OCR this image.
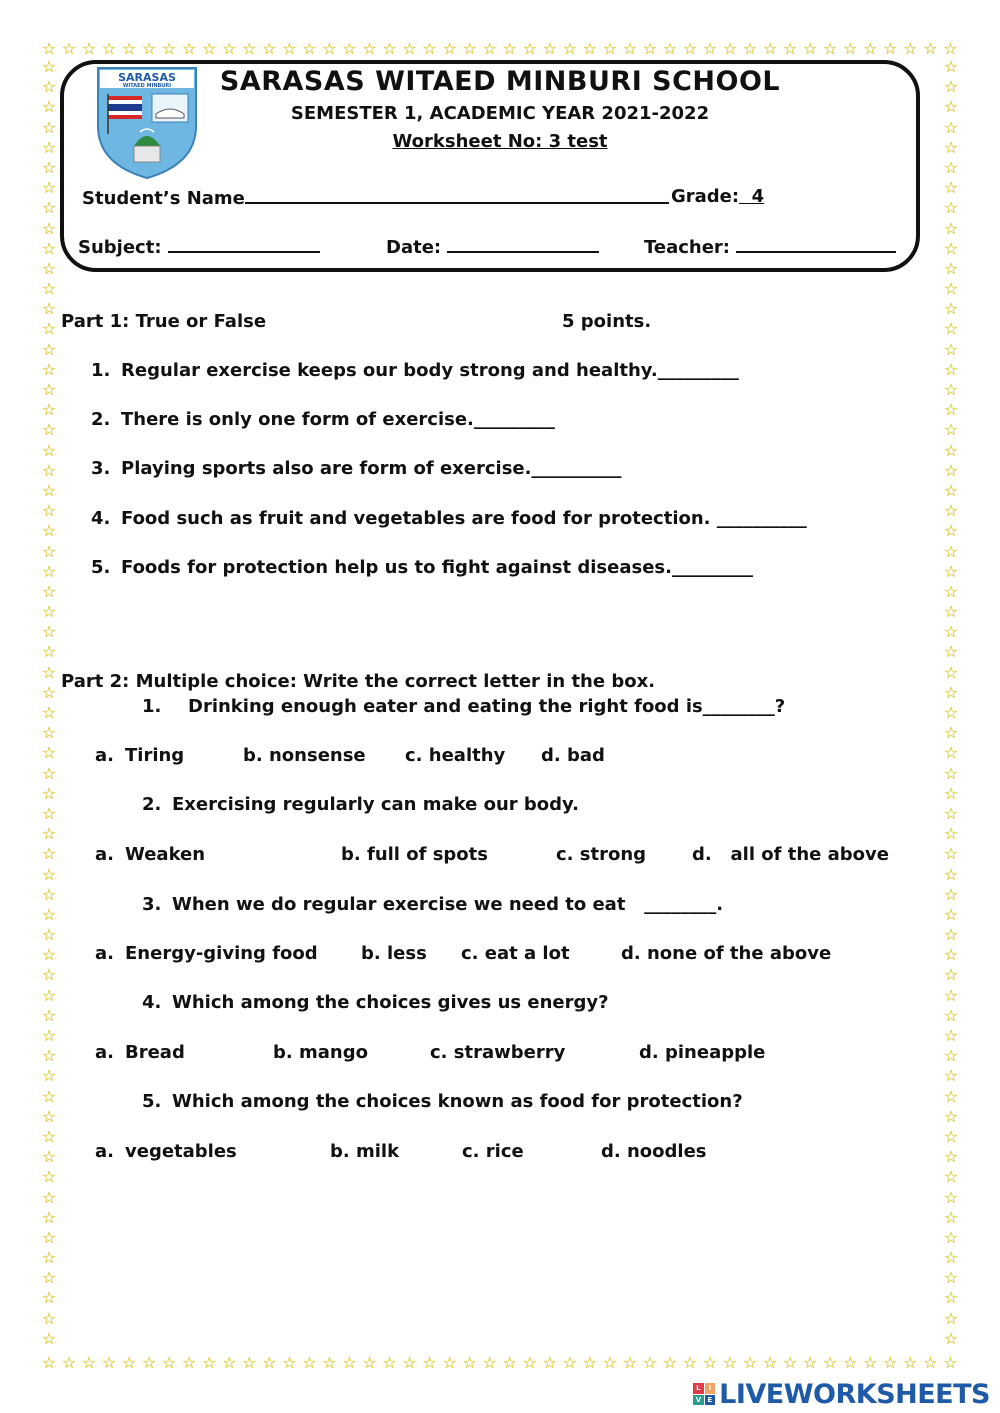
☆ ☆ ☆ ☆ ☆ ☆ ☆ ☆ ☆ ☆ ☆ ☆ ☆ ☆ ☆ ☆ ☆ ☆ ☆ ☆ ☆ ☆ ☆ ☆ ☆ ☆ ☆ ☆ ☆ ☆ ☆ ☆ ☆ ☆ ☆ ☆ ☆ ☆ ☆ ☆ ☆ ☆ ☆ ☆ ☆ ☆
☆ ☆ ☆ ☆ ☆ ☆ ☆ ☆ ☆ ☆ ☆ ☆ ☆ ☆ ☆ ☆ ☆ ☆ ☆ ☆ ☆ ☆ ☆ ☆ ☆ ☆ ☆ ☆ ☆ ☆ ☆ ☆ ☆ ☆ ☆ ☆ ☆ ☆ ☆ ☆ ☆ ☆ ☆ ☆ ☆ ☆
☆
☆
☆
☆
☆
☆
☆
☆
☆
☆
☆
☆
☆
☆
☆
☆
☆
☆
☆
☆
☆
☆
☆
☆
☆
☆
☆
☆
☆
☆
☆
☆
☆
☆
☆
☆
☆
☆
☆
☆
☆
☆
☆
☆
☆
☆
☆
☆
☆
☆
☆
☆
☆
☆
☆
☆
☆
☆
☆
☆
☆
☆
☆
☆
☆
☆
☆
☆
☆
☆
☆
☆
☆
☆
☆
☆
☆
☆
☆
☆
☆
☆
☆
☆
☆
☆
☆
☆
☆
☆
☆
☆
☆
☆
☆
☆
☆
☆
☆
☆
☆
☆
☆
☆
☆
☆
☆
☆
☆
☆
☆
☆
☆
☆
☆
☆
☆
☆
☆
☆
☆
☆
☆
☆
☆
☆
☆
☆
SARASAS
WITAED MINBURI	SARASAS WITAED MINBURI SCHOOL
SEMESTER 1, ACADEMIC YEAR 2021-2022
Worksheet No: 3 test
Student’s Name	Grade:  4
Subject:	Date:	Teacher:
Part 1: True or False	5 points.
1. Regular exercise keeps our body strong and healthy._________
2. There is only one form of exercise._________
3. Playing sports also are form of exercise.__________
4. Food such as fruit and vegetables are food for protection. __________
5. Foods for protection help us to fight against diseases._________
Part 2: Multiple choice: Write the correct letter in the box.
1. Drinking enough eater and eating the right food is________?
a. Tiring	b. nonsense c. healthy d. bad
2. Exercising regularly can make our body.
a. Weaken	b. full of spots	c. strong	d.   all of the above
3. When we do regular exercise we need to eat   ________.
a. Energy-giving food b. less c. eat a lot	d. none of the above
4. Which among the choices gives us energy?
a. Bread	b. mango	c. strawberry	d. pineapple
5. Which among the choices known as food for protection?
a. vegetables	b. milk	c. rice	d. noodles
L	I
V E LIVEWORKSHEETS
